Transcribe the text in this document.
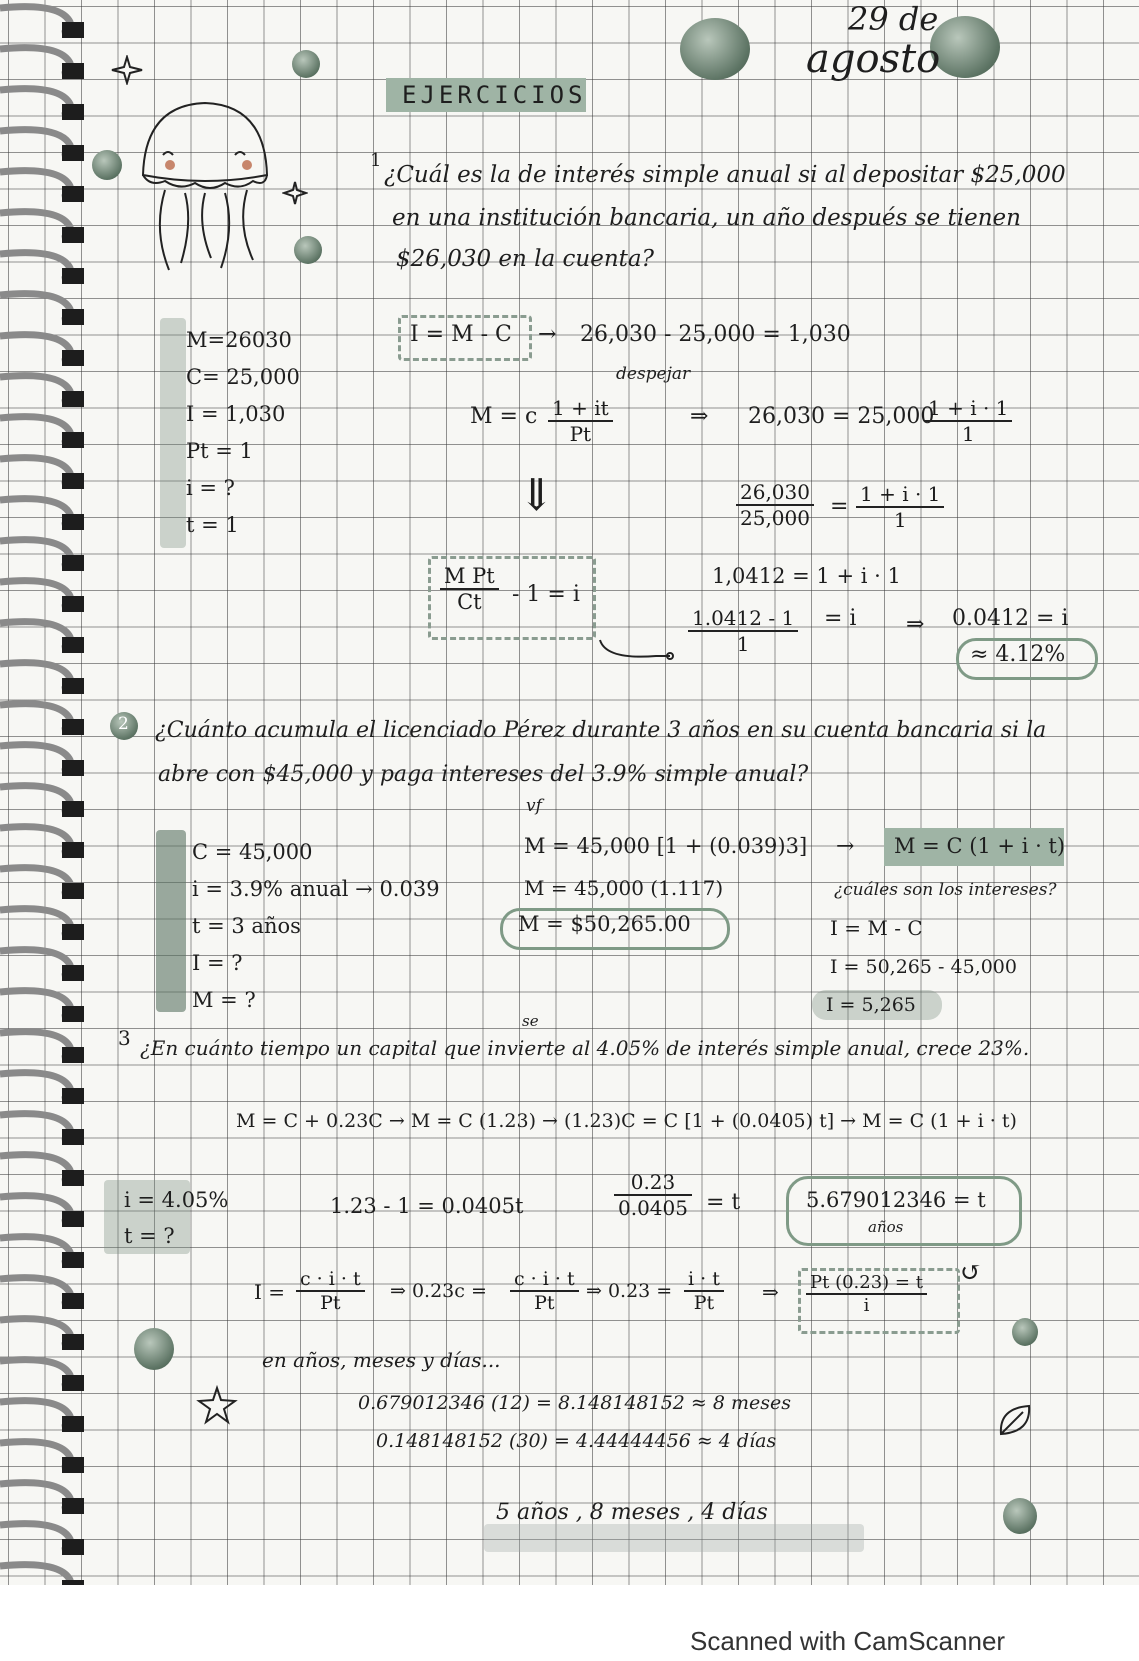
29 de
agosto
EJERCICIOS
1
¿Cuál es la de interés simple anual si al depositar $25,000
en una institución bancaria, un año después se tienen
$26,030 en la cuenta?
M=26030
C= 25,000
I = 1,030
Pt = 1
i = ?
t = 1
I = M - C → 26,030 - 25,000 = 1,030
despejar
M = c $\frac{1 + it}{Pt}$	⇒ 26,030 = 25,000
$\frac{1 + i \cdot 1}{1}$
⇓	$\frac{26,030}{25,000} = \frac{1 + i \cdot 1}{1}$
$\frac{\text{M Pt}}{Ct} - 1 = i$
1,0412 = 1 + i · 1
$\frac{1.0412 - 1}{1} = i$ ⇒ 0.0412 = i
≈ 4.12%
2 ¿Cuánto acumula el licenciado Pérez durante 3 años en su cuenta bancaria si la
abre con $45,000 y paga intereses del 3.9% simple anual?
C = 45,000
i = 3.9% anual → 0.039
t = 3 años
I = ?
M = ?
vf
M = 45,000 [1 + (0.039)3] → M = C (1 + i · t)
M = 45,000 (1.117)	¿cuáles son los intereses?
M = $50,265.00	I = M - C
I = 50,265 - 45,000
I = 5,265
3
se
¿En cuánto tiempo un capital que invierte al 4.05% de interés simple anual, crece 23%.
M = C + 0.23C → M = C (1.23) → (1.23)C = C [1 + (0.0405) t] → M = C (1 + i · t)
i = 4.05%
t = ?
1.23 - 1 = 0.0405t	$\frac{0.23}{0.0405} = t$	5.679012346 = t
años
$I = \frac{c \cdot i \cdot t}{Pt}$ ⇒ $0.23c = \frac{c \cdot i \cdot t}{Pt}$ ⇒ $0.23 = \frac{i \cdot t}{Pt}$ ⇒ $\frac{Pt (0.23) = t}{i}$ ↺
en años, meses y días...
0.679012346 (12) = 8.148148152 ≈ 8 meses
0.148148152 (30) = 4.44444456 ≈ 4 días
5 años , 8 meses , 4 días
Scanned with CamScanner
